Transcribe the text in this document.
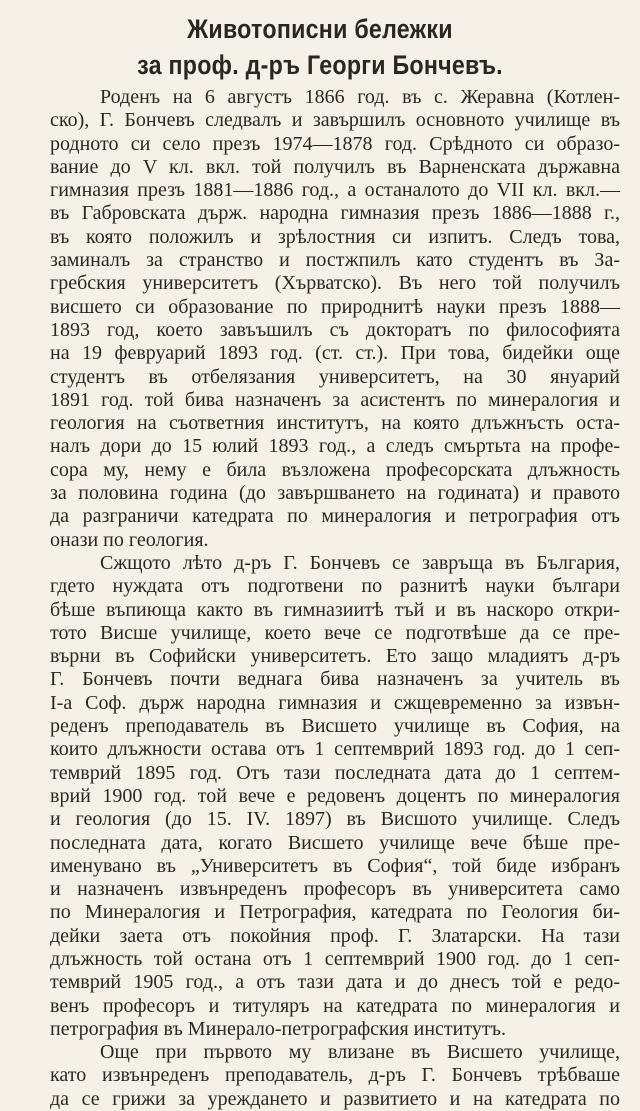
Животописни бележки
за проф. д-ръ Георги Бончевъ.
Роденъ на 6 августъ 1866 год. въ с. Жеравна (Котлен-
ско), Г. Бончевъ следвалъ и завършилъ основното училище въ
родното си село презъ 1974—1878 год. Срѣдното си образо-
вание до V кл. вкл. той получилъ въ Варненската държавна
гимназия презъ 1881—1886 год., а останалото до VII кл. вкл.—
въ Габровската държ. народна гимназия презъ 1886—1888 г.,
въ която положилъ и зрѣлостния си изпитъ. Следъ това,
заминалъ за странство и постжпилъ като студентъ въ За-
гребския университетъ (Хърватско). Въ него той получилъ
висшето си образование по природнитѣ науки презъ 1888—
1893 год, което завъъшилъ съ докторатъ по философията
на 19 февруарий 1893 год. (ст. ст.). При това, бидейки още
студентъ въ отбелязания университетъ, на 30 януарий
1891 год. той бива назначенъ за асистентъ по минералогия и
геология на съответния институтъ, на която длъжнъсть оста-
налъ дори до 15 юлий 1893 год., а следъ смъртьта на профе-
сора му, нему е била възложена професорската длъжность
за половина година (до завършването на годината) и правото
да разграничи катедрата по минералогия и петрография отъ
онази по геология.
Сжщото лѣто д-ръ Г. Бончевъ се завръща въ България,
гдето нуждата отъ подготвени по разнитѣ науки българи
бѣше въпиюща както въ гимназиитѣ тъй и въ наскоро откри-
тото Висше училище, което вече се подготвѣше да се пре-
върни въ Софийски университетъ. Ето защо младиятъ д-ръ
Г. Бончевъ почти веднага бива назначенъ за учитель въ
I-а Соф. държ народна гимназия и сжщевременно за извън-
реденъ преподаватель въ Висшето училище въ София, на
които длъжности остава отъ 1 септемврий 1893 год. до 1 сеп-
темврий 1895 год. Отъ тази последната дата до 1 септем-
врий 1900 год. той вече е редовенъ доцентъ по минералогия
и геология (до 15. IV. 1897) въ Висшото училище. Следъ
последната дата, когато Висшето училище вече бѣше пре-
именувано въ „Университетъ въ София“, той биде избранъ
и назначенъ извънреденъ професоръ въ университета само
по Минералогия и Петрография, катедрата по Геология би-
дейки заета отъ покойния проф. Г. Златарски. На тази
длъжность той остана отъ 1 септемврий 1900 год. до 1 сеп-
темврий 1905 год., а отъ тази дата и до днесъ той е редо-
венъ професоръ и титуляръ на катедрата по минералогия и
петрография въ Минерало-петрографския институтъ.
Още при първото му влизане въ Висшето училище,
като извънреденъ преподаватель, д-ръ Г. Бончевъ трѣбваше
да се грижи за уреждането и развитието и на катедрата по
